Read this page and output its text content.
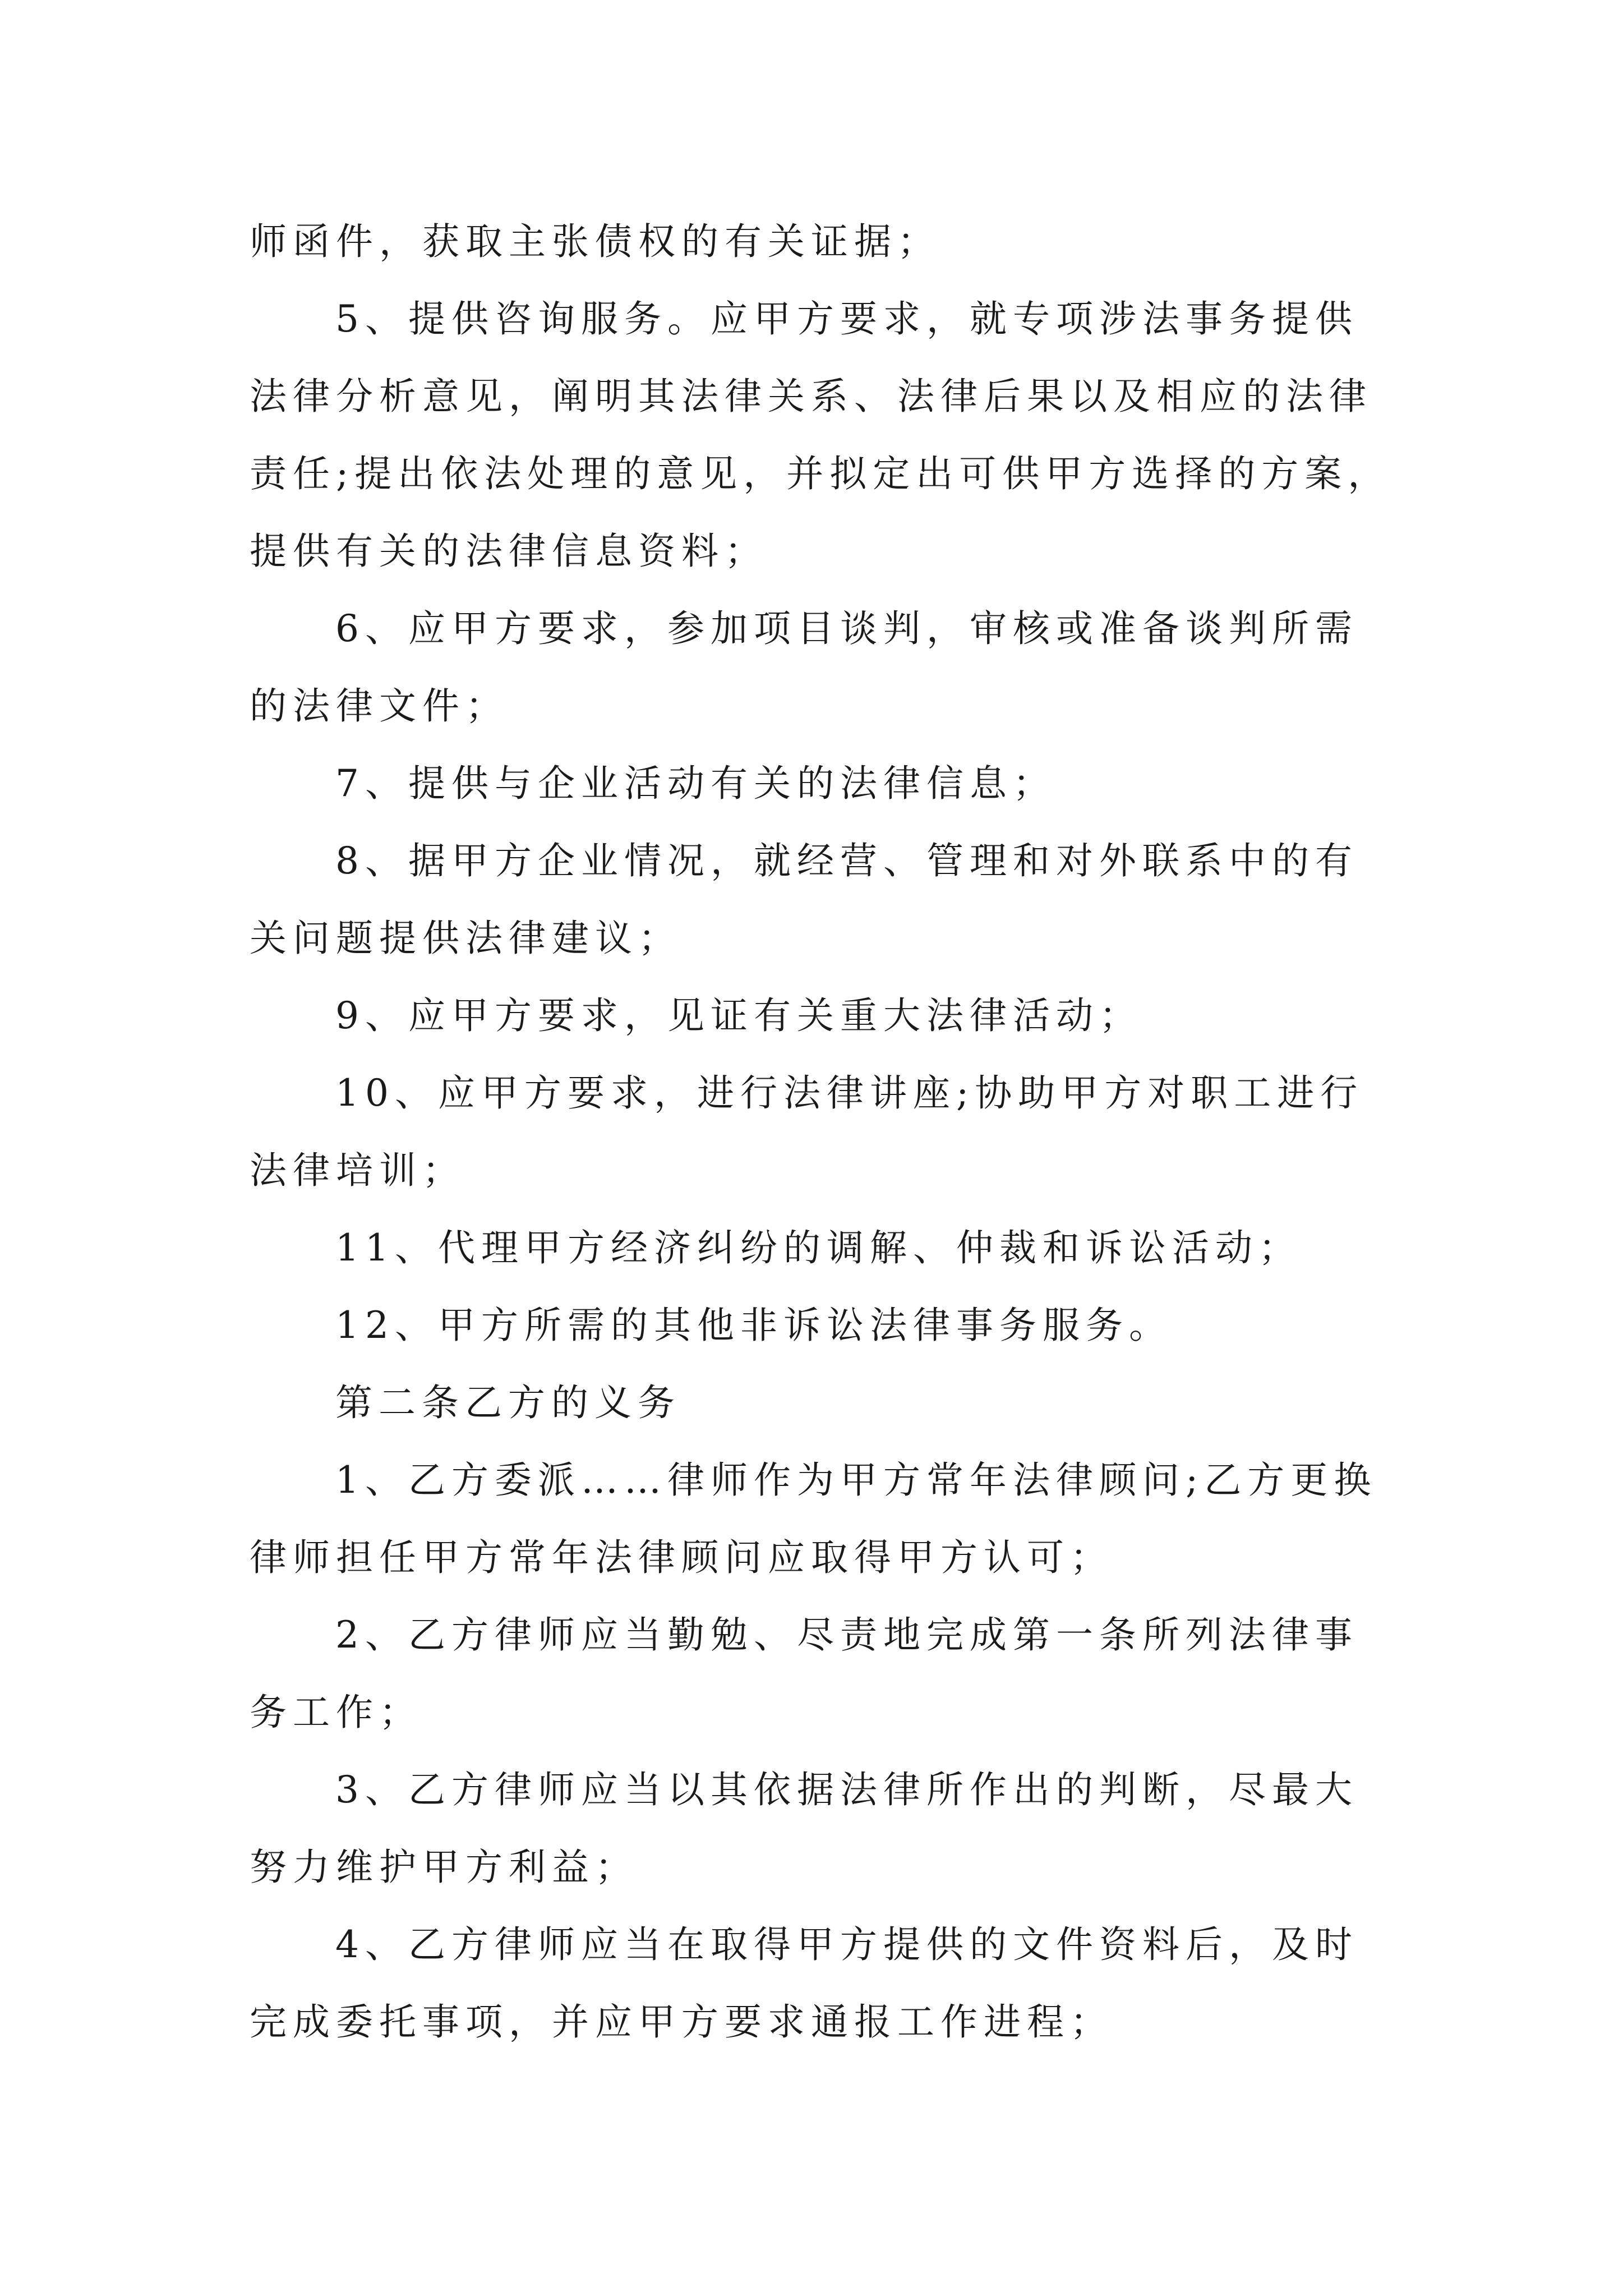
师函件，获取主张债权的有关证据；
5、提供咨询服务。应甲方要求，就专项涉法事务提供
法律分析意见，阐明其法律关系、法律后果以及相应的法律
责任;提出依法处理的意见，并拟定出可供甲方选择的方案，
提供有关的法律信息资料；
6、应甲方要求，参加项目谈判，审核或准备谈判所需
的法律文件；
7、提供与企业活动有关的法律信息；
8、据甲方企业情况，就经营、管理和对外联系中的有
关问题提供法律建议；
9、应甲方要求，见证有关重大法律活动；
10、应甲方要求，进行法律讲座;协助甲方对职工进行
法律培训；
11、代理甲方经济纠纷的调解、仲裁和诉讼活动；
12、甲方所需的其他非诉讼法律事务服务。
第二条乙方的义务
1、乙方委派……律师作为甲方常年法律顾问;乙方更换
律师担任甲方常年法律顾问应取得甲方认可；
2、乙方律师应当勤勉、尽责地完成第一条所列法律事
务工作；
3、乙方律师应当以其依据法律所作出的判断，尽最大
努力维护甲方利益；
4、乙方律师应当在取得甲方提供的文件资料后，及时
完成委托事项，并应甲方要求通报工作进程；
